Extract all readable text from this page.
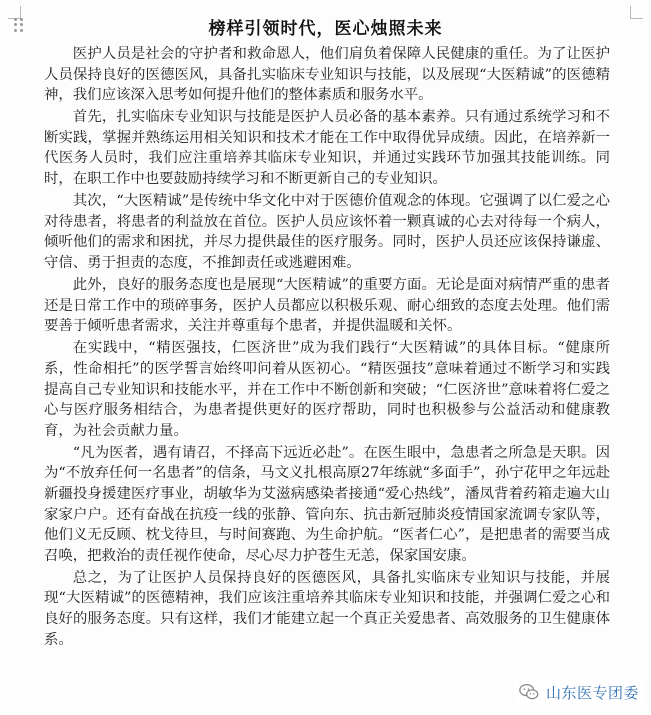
榜样引领时代，医心烛照未来

医护人员是社会的守护者和救命恩人，他们肩负着保障人民健康的重任。为了让医护人员保持良好的医德医风，具备扎实临床专业知识与技能，以及展现“大医精诚”的医德精神，我们应该深入思考如何提升他们的整体素质和服务水平。

首先，扎实临床专业知识与技能是医护人员必备的基本素养。只有通过系统学习和不断实践，掌握并熟练运用相关知识和技术才能在工作中取得优异成绩。因此，在培养新一代医务人员时，我们应注重培养其临床专业知识，并通过实践环节加强其技能训练。同时，在职工作中也要鼓励持续学习和不断更新自己的专业知识。

其次，“大医精诚”是传统中华文化中对于医德价值观念的体现。它强调了以仁爱之心对待患者，将患者的利益放在首位。医护人员应该怀着一颗真诚的心去对待每一个病人，倾听他们的需求和困扰，并尽力提供最佳的医疗服务。同时，医护人员还应该保持谦虚、守信、勇于担责的态度，不推卸责任或逃避困难。

此外，良好的服务态度也是展现“大医精诚”的重要方面。无论是面对病情严重的患者还是日常工作中的琐碎事务，医护人员都应以积极乐观、耐心细致的态度去处理。他们需要善于倾听患者需求，关注并尊重每个患者，并提供温暖和关怀。

在实践中，“精医强技，仁医济世”成为我们践行“大医精诚”的具体目标。“健康所系，性命相托”的医学誓言始终叩问着从医初心。“精医强技”意味着通过不断学习和实践提高自己专业知识和技能水平，并在工作中不断创新和突破；“仁医济世”意味着将仁爱之心与医疗服务相结合，为患者提供更好的医疗帮助，同时也积极参与公益活动和健康教育，为社会贡献力量。

“凡为医者，遇有请召，不择高下远近必赴”。在医生眼中，急患者之所急是天职。因为“不放弃任何一名患者”的信条，马文义扎根高原27年练就“多面手”，孙宁花甲之年远赴新疆投身援建医疗事业，胡敏华为艾滋病感染者接通“爱心热线”，潘凤背着药箱走遍大山家家户户。还有奋战在抗疫一线的张静、管向东、抗击新冠肺炎疫情国家流调专家队等，他们义无反顾、枕戈待旦，与时间赛跑、为生命护航。“医者仁心”，是把患者的需要当成召唤，把救治的责任视作使命，尽心尽力护苍生无恙，保家国安康。

总之，为了让医护人员保持良好的医德医风，具备扎实临床专业知识与技能，并展现“大医精诚”的医德精神，我们应该注重培养其临床专业知识和技能，并强调仁爱之心和良好的服务态度。只有这样，我们才能建立起一个真正关爱患者、高效服务的卫生健康体系。

山东医专团委
